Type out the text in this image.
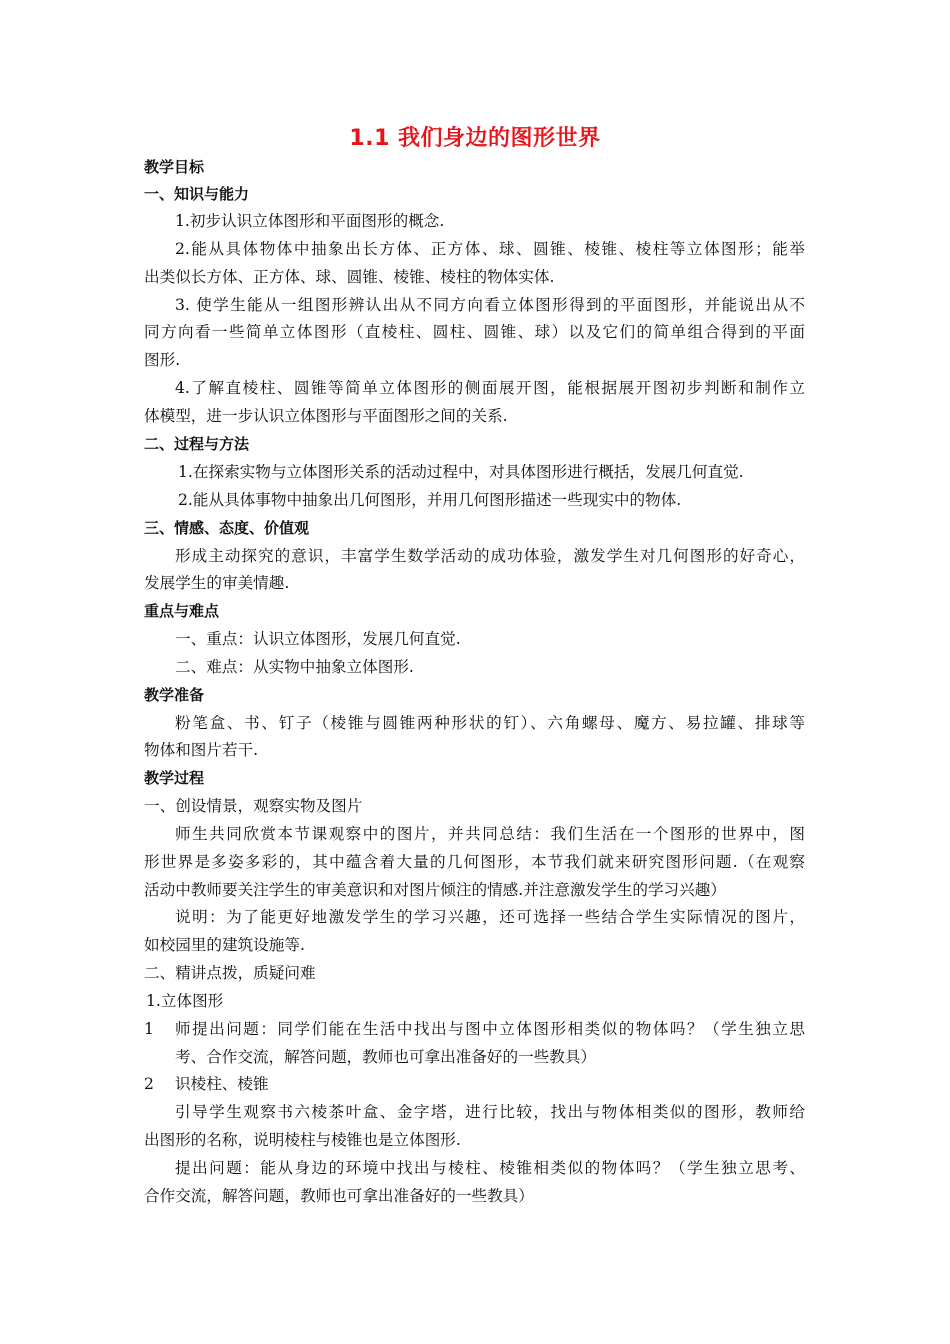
1.1 我们身边的图形世界
教学目标
一、知识与能力
1.初步认识立体图形和平面图形的概念.
2.能从具体物体中抽象出长方体、正方体、球、圆锥、棱锥、棱柱等立体图形；能举
出类似长方体、正方体、球、圆锥、棱锥、棱柱的物体实体.
3. 使学生能从一组图形辨认出从不同方向看立体图形得到的平面图形，并能说出从不
同方向看一些简单立体图形（直棱柱、圆柱、圆锥、球）以及它们的简单组合得到的平面
图形.
4.了解直棱柱、圆锥等简单立体图形的侧面展开图，能根据展开图初步判断和制作立
体模型，进一步认识立体图形与平面图形之间的关系.
二、过程与方法
1.在探索实物与立体图形关系的活动过程中，对具体图形进行概括，发展几何直觉.
2.能从具体事物中抽象出几何图形，并用几何图形描述一些现实中的物体.
三、情感、态度、价值观
形成主动探究的意识，丰富学生数学活动的成功体验，激发学生对几何图形的好奇心，
发展学生的审美情趣.
重点与难点
一、重点：认识立体图形，发展几何直觉.
二、难点：从实物中抽象立体图形.
教学准备
粉笔盒、书、钉子（棱锥与圆锥两种形状的钉）、六角螺母、魔方、易拉罐、排球等
物体和图片若干.
教学过程
一、创设情景，观察实物及图片
师生共同欣赏本节课观察中的图片，并共同总结：我们生活在一个图形的世界中，图
形世界是多姿多彩的，其中蕴含着大量的几何图形，本节我们就来研究图形问题.（在观察
活动中教师要关注学生的审美意识和对图片倾注的情感.并注意激发学生的学习兴趣）
说明：为了能更好地激发学生的学习兴趣，还可选择一些结合学生实际情况的图片，
如校园里的建筑设施等.
二、精讲点拨，质疑问难
1.立体图形
1 师提出问题：同学们能在生活中找出与图中立体图形相类似的物体吗？（学生独立思
考、合作交流，解答问题，教师也可拿出准备好的一些教具）
2 识棱柱、棱锥
引导学生观察书六棱茶叶盒、金字塔，进行比较，找出与物体相类似的图形，教师给
出图形的名称，说明棱柱与棱锥也是立体图形.
提出问题：能从身边的环境中找出与棱柱、棱锥相类似的物体吗？（学生独立思考、
合作交流，解答问题，教师也可拿出准备好的一些教具）
